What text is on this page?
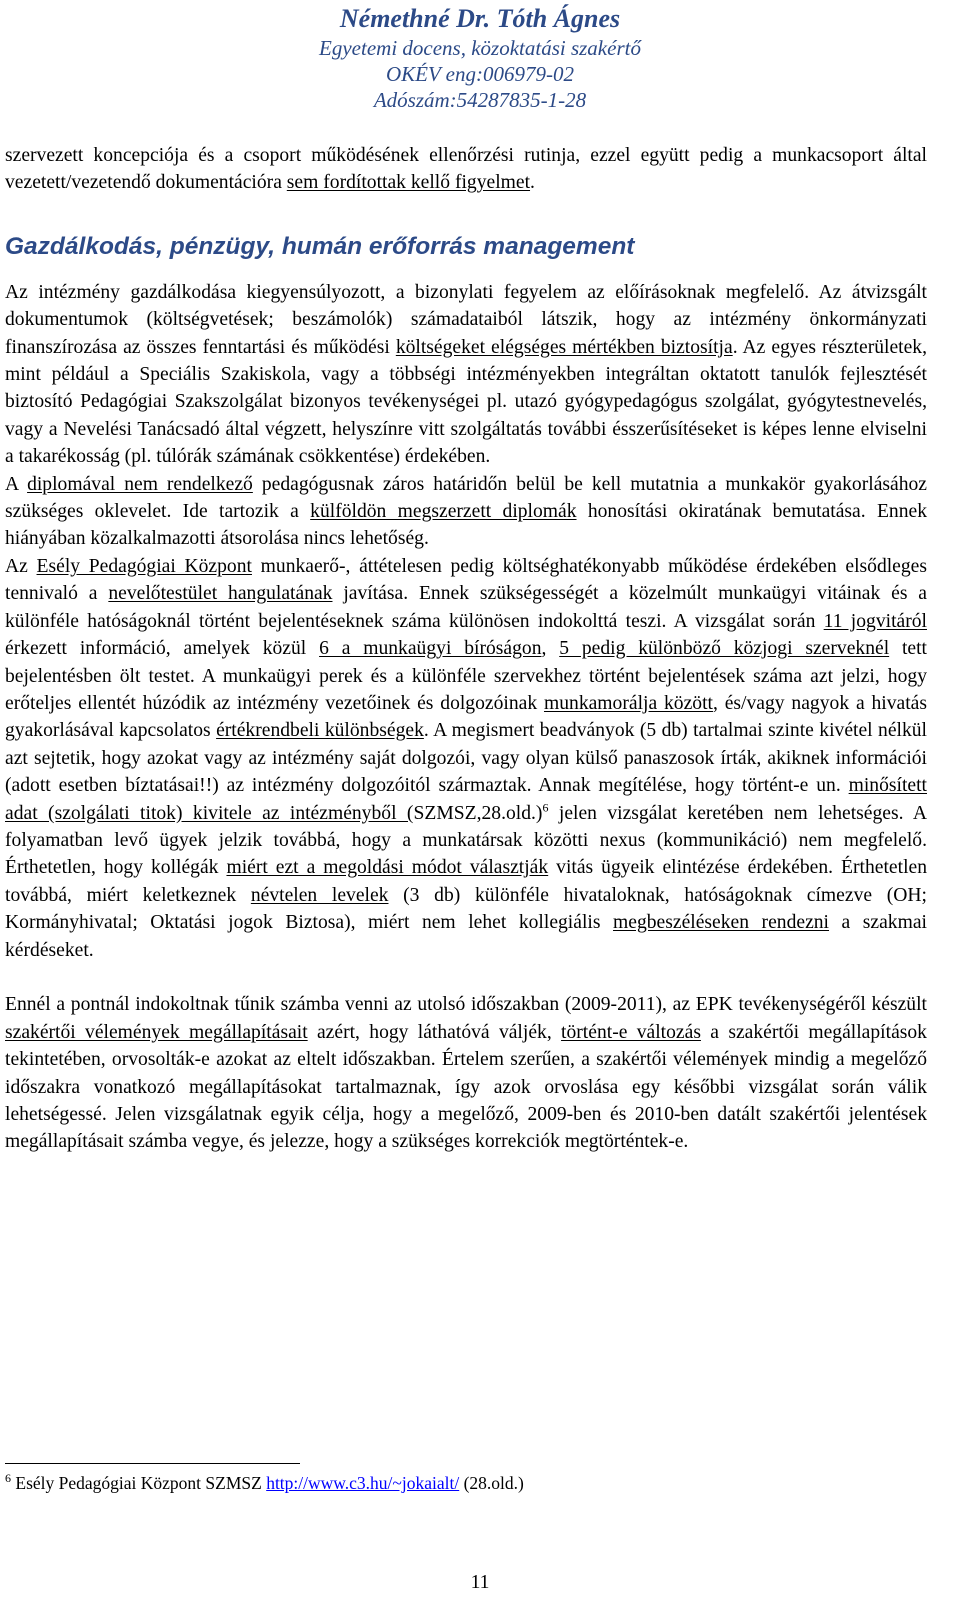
Némethné Dr. Tóth Ágnes
Egyetemi docens, közoktatási szakértő
OKÉV eng:006979-02
Adószám:54287835-1-28

szervezett koncepciója és a csoport működésének ellenőrzési rutinja, ezzel együtt pedig a munkacsoport által vezetett/vezetendő dokumentációra sem fordítottak kellő figyelmet.

Gazdálkodás, pénzügy, humán erőforrás management

Az intézmény gazdálkodása kiegyensúlyozott, a bizonylati fegyelem az előírásoknak megfelelő. Az átvizsgált dokumentumok (költségvetések; beszámolók) számadataiból látszik, hogy az intézmény önkormányzati finanszírozása az összes fenntartási és működési költségeket elégséges mértékben biztosítja. Az egyes részterületek, mint például a Speciális Szakiskola, vagy a többségi intézményekben integráltan oktatott tanulók fejlesztését biztosító Pedagógiai Szakszolgálat bizonyos tevékenységei pl. utazó gyógypedagógus szolgálat, gyógytestnevelés, vagy a Nevelési Tanácsadó által végzett, helyszínre vitt szolgáltatás további ésszerűsítéseket is képes lenne elviselni a takarékosság (pl. túlórák számának csökkentése) érdekében.

A diplomával nem rendelkező pedagógusnak záros határidőn belül be kell mutatnia a munkakör gyakorlásához szükséges oklevelet. Ide tartozik a külföldön megszerzett diplomák honosítási okiratának bemutatása. Ennek hiányában közalkalmazotti átsorolása nincs lehetőség.

Az Esély Pedagógiai Központ munkaerő-, áttételesen pedig költséghatékonyabb működése érdekében elsődleges tennivaló a nevelőtestület hangulatának javítása. Ennek szükségességét a közelmúlt munkaügyi vitáinak és a különféle hatóságoknál történt bejelentéseknek száma különösen indokolttá teszi. A vizsgálat során 11 jogvitáról érkezett információ, amelyek közül 6 a munkaügyi bíróságon, 5 pedig különböző közjogi szerveknél tett bejelentésben ölt testet. A munkaügyi perek és a különféle szervekhez történt bejelentések száma azt jelzi, hogy erőteljes ellentét húzódik az intézmény vezetőinek és dolgozóinak munkamorálja között, és/vagy nagyok a hivatás gyakorlásával kapcsolatos értékrendbeli különbségek. A megismert beadványok (5 db) tartalmai szinte kivétel nélkül azt sejtetik, hogy azokat vagy az intézmény saját dolgozói, vagy olyan külső panaszosok írták, akiknek információi (adott esetben bíztatásai!!) az intézmény dolgozóitól származtak. Annak megítélése, hogy történt-e un. minősített adat (szolgálati titok) kivitele az intézményből (SZMSZ,28.old.)$^6$ jelen vizsgálat keretében nem lehetséges. A folyamatban levő ügyek jelzik továbbá, hogy a munkatársak közötti nexus (kommunikáció) nem megfelelő. Érthetetlen, hogy kollégák miért ezt a megoldási módot választják vitás ügyeik elintézése érdekében. Érthetetlen továbbá, miért keletkeznek névtelen levelek (3 db) különféle hivataloknak, hatóságoknak címezve (OH; Kormányhivatal; Oktatási jogok Biztosa), miért nem lehet kollegiális megbeszéléseken rendezni a szakmai kérdéseket.

Ennél a pontnál indokoltnak tűnik számba venni az utolsó időszakban (2009-2011), az EPK tevékenységéről készült szakértői vélemények megállapításait azért, hogy láthatóvá váljék, történt-e változás a szakértői megállapítások tekintetében, orvosolták-e azokat az eltelt időszakban. Értelem szerűen, a szakértői vélemények mindig a megelőző időszakra vonatkozó megállapításokat tartalmaznak, így azok orvoslása egy későbbi vizsgálat során válik lehetségessé. Jelen vizsgálatnak egyik célja, hogy a megelőző, 2009-ben és 2010-ben datált szakértői jelentések megállapításait számba vegye, és jelezze, hogy a szükséges korrekciók megtörténtek-e.

$^6$ Esély Pedagógiai Központ SZMSZ http://www.c3.hu/~jokaialt/ (28.old.)
11
